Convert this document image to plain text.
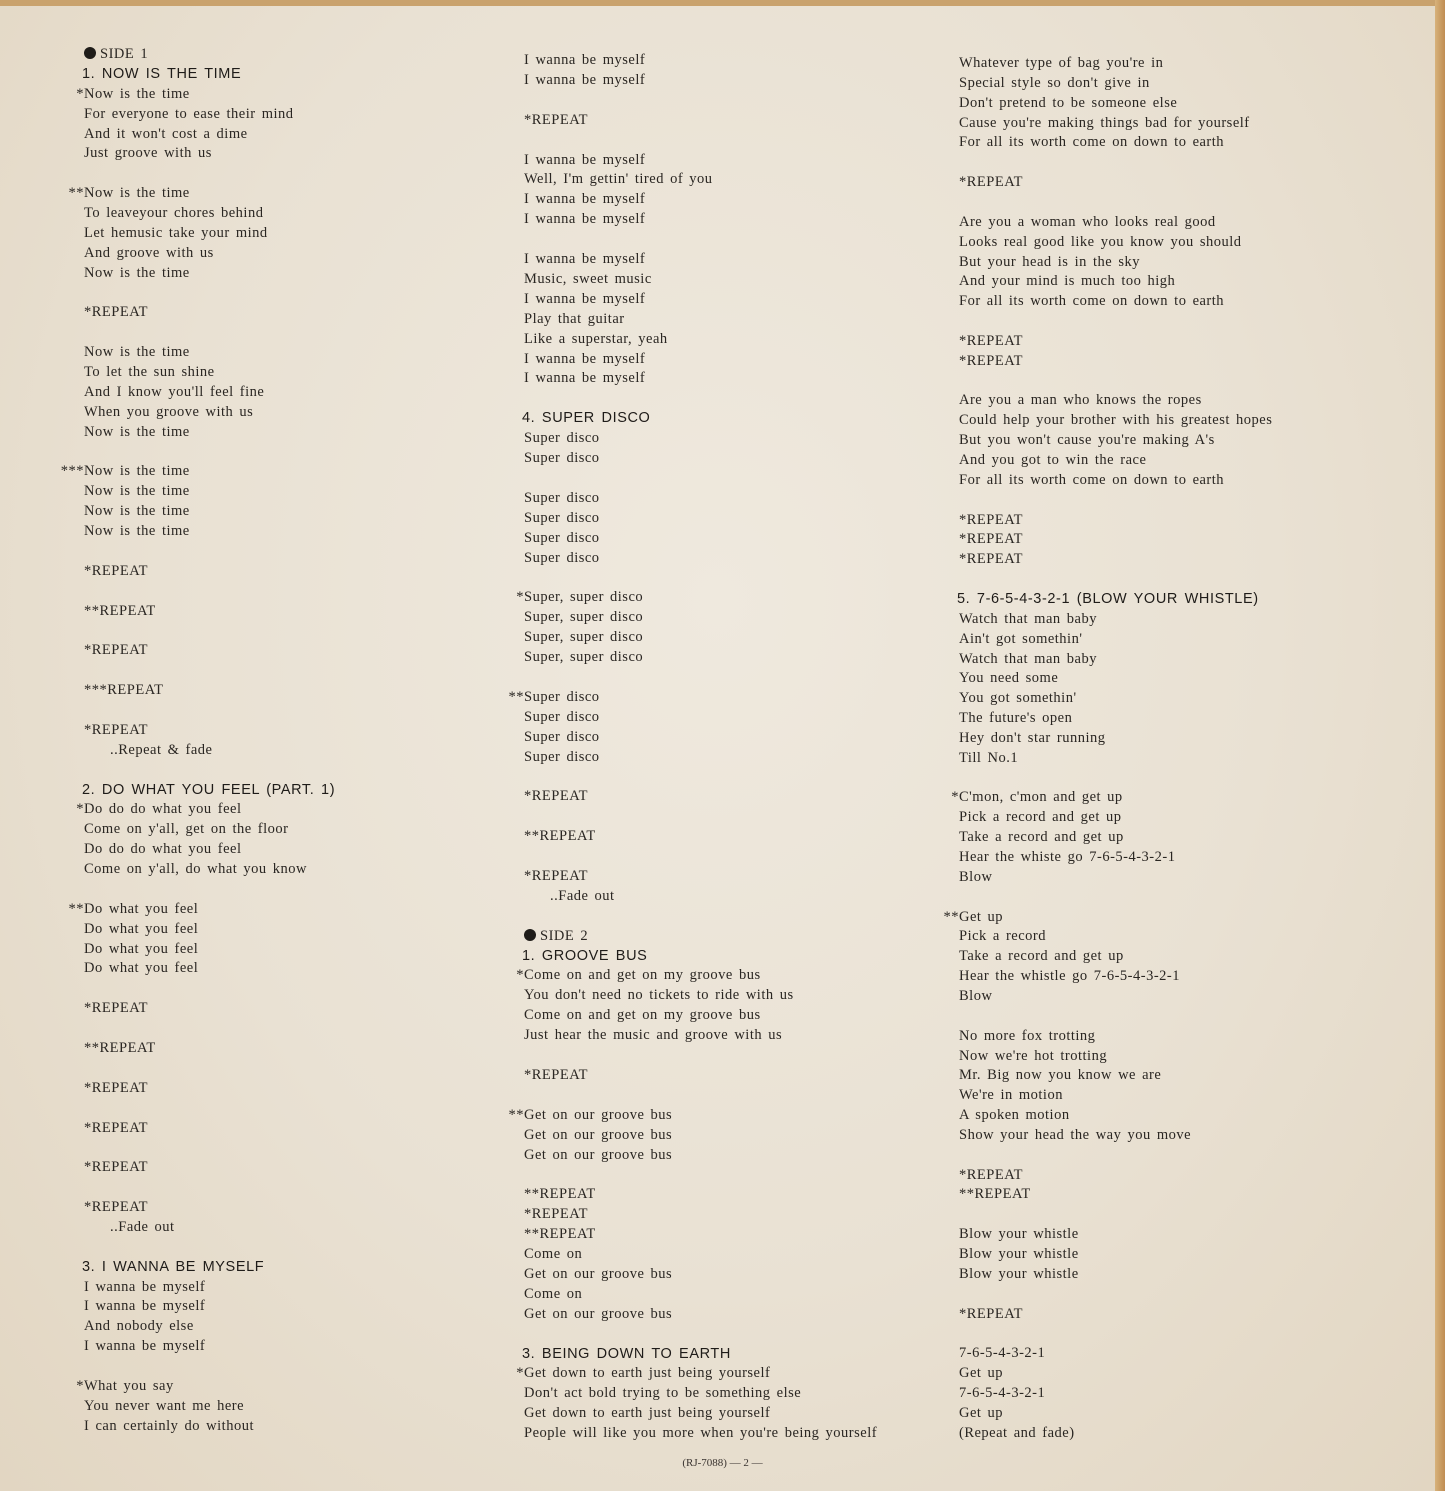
SIDE 1
1. NOW IS THE TIME
* Now is the time
For everyone to ease their mind
And it won't cost a dime
Just groove with us
** Now is the time
To leaveyour chores behind
Let hemusic take your mind
And groove with us
Now is the time
*REPEAT
Now is the time
To let the sun shine
And I know you'll feel fine
When you groove with us
Now is the time
*** Now is the time
Now is the time
Now is the time
Now is the time
*REPEAT
**REPEAT
*REPEAT
***REPEAT
*REPEAT
..Repeat & fade
2. DO WHAT YOU FEEL (PART. 1)
* Do do do what you feel
Come on y'all, get on the floor
Do do do what you feel
Come on y'all, do what you know
** Do what you feel
Do what you feel
Do what you feel
Do what you feel
*REPEAT
**REPEAT
*REPEAT
*REPEAT
*REPEAT
*REPEAT
..Fade out
3. I WANNA BE MYSELF
I wanna be myself
I wanna be myself
And nobody else
I wanna be myself
* What you say
You never want me here
I can certainly do without
I wanna be myself
I wanna be myself
*REPEAT
I wanna be myself
Well, I'm gettin' tired of you
I wanna be myself
I wanna be myself
I wanna be myself
Music, sweet music
I wanna be myself
Play that guitar
Like a superstar, yeah
I wanna be myself
I wanna be myself
4. SUPER DISCO
Super disco
Super disco
Super disco
Super disco
Super disco
Super disco
* Super, super disco
Super, super disco
Super, super disco
Super, super disco
** Super disco
Super disco
Super disco
Super disco
*REPEAT
**REPEAT
*REPEAT
..Fade out
SIDE 2
1. GROOVE BUS
* Come on and get on my groove bus
You don't need no tickets to ride with us
Come on and get on my groove bus
Just hear the music and groove with us
*REPEAT
** Get on our groove bus
Get on our groove bus
Get on our groove bus
**REPEAT
*REPEAT
**REPEAT
Come on
Get on our groove bus
Come on
Get on our groove bus
3. BEING DOWN TO EARTH
* Get down to earth just being yourself
Don't act bold trying to be something else
Get down to earth just being yourself
People will like you more when you're being yourself
Whatever type of bag you're in
Special style so don't give in
Don't pretend to be someone else
Cause you're making things bad for yourself
For all its worth come on down to earth
*REPEAT
Are you a woman who looks real good
Looks real good like you know you should
But your head is in the sky
And your mind is much too high
For all its worth come on down to earth
*REPEAT
*REPEAT
Are you a man who knows the ropes
Could help your brother with his greatest hopes
But you won't cause you're making A's
And you got to win the race
For all its worth come on down to earth
*REPEAT
*REPEAT
*REPEAT
5. 7-6-5-4-3-2-1 (BLOW YOUR WHISTLE)
Watch that man baby
Ain't got somethin'
Watch that man baby
You need some
You got somethin'
The future's open
Hey don't star running
Till No.1
* C'mon, c'mon and get up
Pick a record and get up
Take a record and get up
Hear the whiste go 7-6-5-4-3-2-1
Blow
** Get up
Pick a record
Take a record and get up
Hear the whistle go 7-6-5-4-3-2-1
Blow
No more fox trotting
Now we're hot trotting
Mr. Big now you know we are
We're in motion
A spoken motion
Show your head the way you move
*REPEAT
**REPEAT
Blow your whistle
Blow your whistle
Blow your whistle
*REPEAT
7-6-5-4-3-2-1
Get up
7-6-5-4-3-2-1
Get up
(Repeat and fade)
(RJ-7088) — 2 —
